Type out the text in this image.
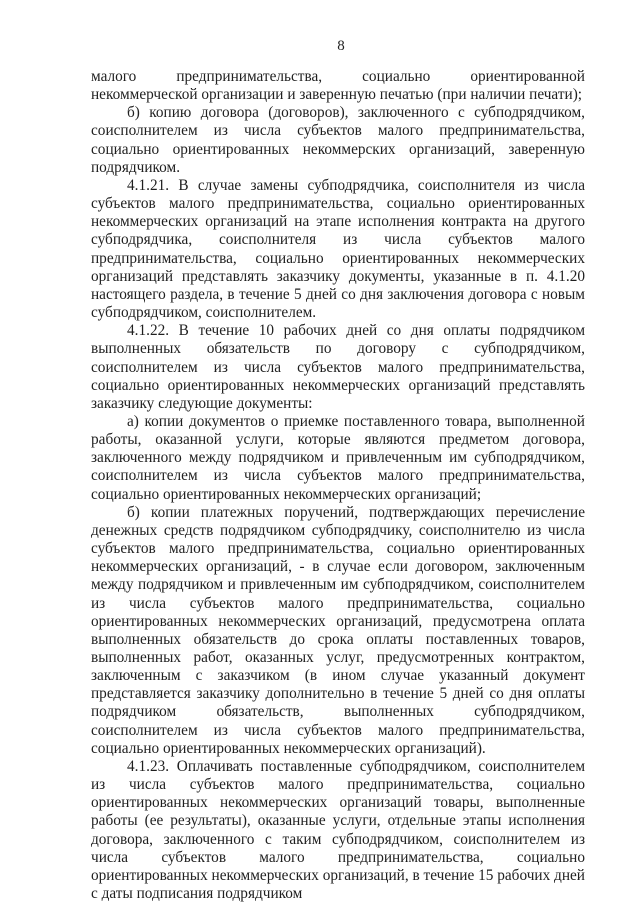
8

малого предпринимательства, социально ориентированной некоммерческой организации и заверенную печатью (при наличии печати);

б) копию договора (договоров), заключенного с субподрядчиком, соисполнителем из числа субъектов малого предпринимательства, социально ориентированных некоммерских организаций, заверенную подрядчиком.

4.1.21. В случае замены субподрядчика, соисполнителя из числа субъектов малого предпринимательства, социально ориентированных некоммерческих организаций на этапе исполнения контракта на другого субподрядчика, соисполнителя из числа субъектов малого предпринимательства, социально ориентированных некоммерческих организаций представлять заказчику документы, указанные в п. 4.1.20 настоящего раздела, в течение 5 дней со дня заключения договора с новым субподрядчиком, соисполнителем.

4.1.22. В течение 10 рабочих дней со дня оплаты подрядчиком выполненных обязательств по договору с субподрядчиком, соисполнителем из числа субъектов малого предпринимательства, социально ориентированных некоммерческих организаций представлять заказчику следующие документы:

а) копии документов о приемке поставленного товара, выполненной работы, оказанной услуги, которые являются предметом договора, заключенного между подрядчиком и привлеченным им субподрядчиком, соисполнителем из числа субъектов малого предпринимательства, социально ориентированных некоммерческих организаций;

б) копии платежных поручений, подтверждающих перечисление денежных средств подрядчиком субподрядчику, соисполнителю из числа субъектов малого предпринимательства, социально ориентированных некоммерческих организаций, - в случае если договором, заключенным между подрядчиком и привлеченным им субподрядчиком, соисполнителем из числа субъектов малого предпринимательства, социально ориентированных некоммерческих организаций, предусмотрена оплата выполненных обязательств до срока оплаты поставленных товаров, выполненных работ, оказанных услуг, предусмотренных контрактом, заключенным с заказчиком (в ином случае указанный документ представляется заказчику дополнительно в течение 5 дней со дня оплаты подрядчиком обязательств, выполненных субподрядчиком, соисполнителем из числа субъектов малого предпринимательства, социально ориентированных некоммерческих организаций).

4.1.23. Оплачивать поставленные субподрядчиком, соисполнителем из числа субъектов малого предпринимательства, социально ориентированных некоммерческих организаций товары, выполненные работы (ее результаты), оказанные услуги, отдельные этапы исполнения договора, заключенного с таким субподрядчиком, соисполнителем из числа субъектов малого предпринимательства, социально ориентированных некоммерческих организаций, в течение 15 рабочих дней с даты подписания подрядчиком
